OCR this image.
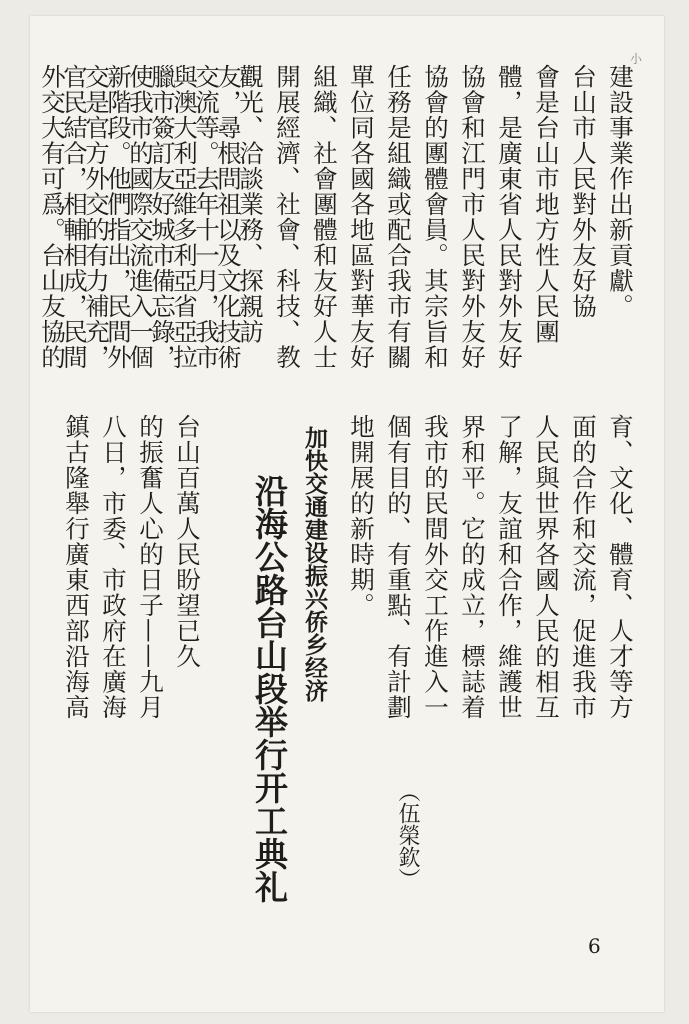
小
建設事業作出新貢獻。
台山市人民對外友好協
會是台山市地方性人民團
體，是廣東省人民對外友好
協會和江門市人民對外友好
協會的團體會員。其宗旨和
任務是組織或配合我市有關
單位同各國各地區對華友好
組織、社會團體和友好人士
開展經濟、社會、科技、教
觀光、洽談業務、探親訪
友，尋根問祖以及文化技術
交流等。去年十一月，我市
與澳大利亞維多利亞省亞拉
臘市簽訂友好城市備忘錄，
使我市的國際交流進入一個
新階段。他們指出，民間外
交是官方外交的有力補充，
官民結合，相輔相成，民間
外交大有可爲。台山友協的
育、文化、體育、人才等方
面的合作和交流，促進我市
人民與世界各國人民的相互
了解，友誼和合作，維護世
界和平。它的成立，標誌着
我市的民間外交工作進入一
個有目的、有重點、有計劃
地開展的新時期。
台山百萬人民盼望已久
的振奮人心的日子——九月
八日，市委、市政府在廣海
鎮古隆舉行廣東西部沿海高
（伍榮欽）
加快交通建设振兴侨乡经济
沿海公路台山段举行开工典礼
6
